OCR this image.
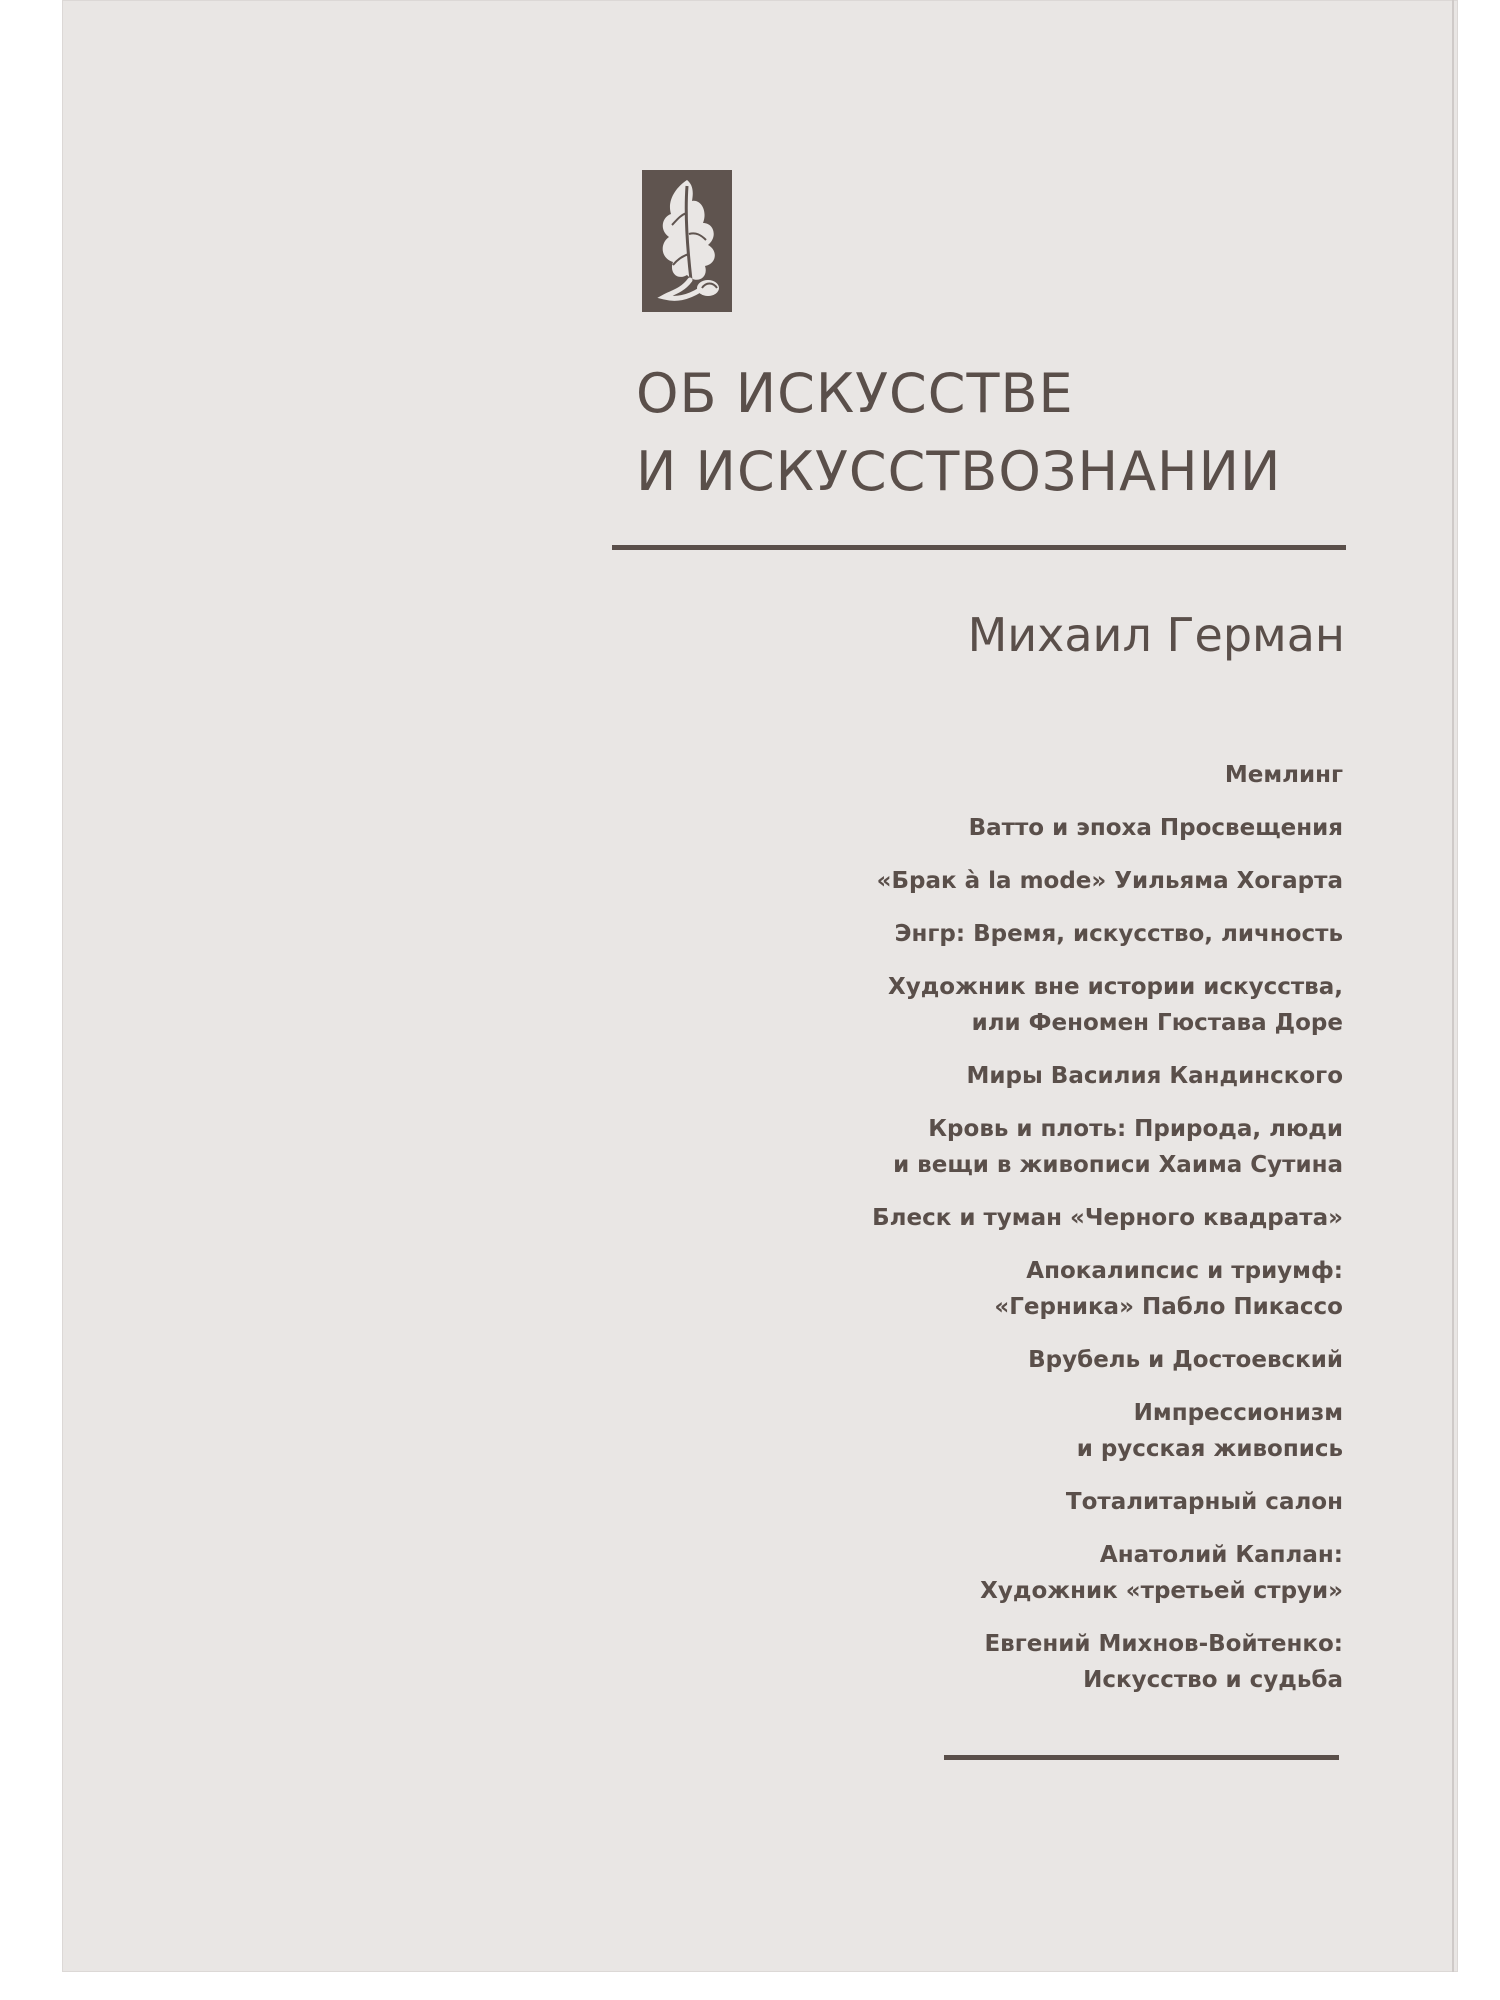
ОБ ИСКУССТВЕ
И ИСКУССТВОЗНАНИИ
Михаил Герман
Мемлинг
Ватто и эпоха Просвещения
«Брак à la mode» Уильяма Хогарта
Энгр: Время, искусство, личность
Художник вне истории искусства,
или Феномен Гюстава Доре
Миры Василия Кандинского
Кровь и плоть: Природа, люди
и вещи в живописи Хаима Сутина
Блеск и туман «Черного квадрата»
Апокалипсис и триумф:
«Герника» Пабло Пикассо
Врубель и Достоевский
Импрессионизм
и русская живопись
Тоталитарный салон
Анатолий Каплан:
Художник «третьей струи»
Евгений Михнов-Войтенко:
Искусство и судьба
